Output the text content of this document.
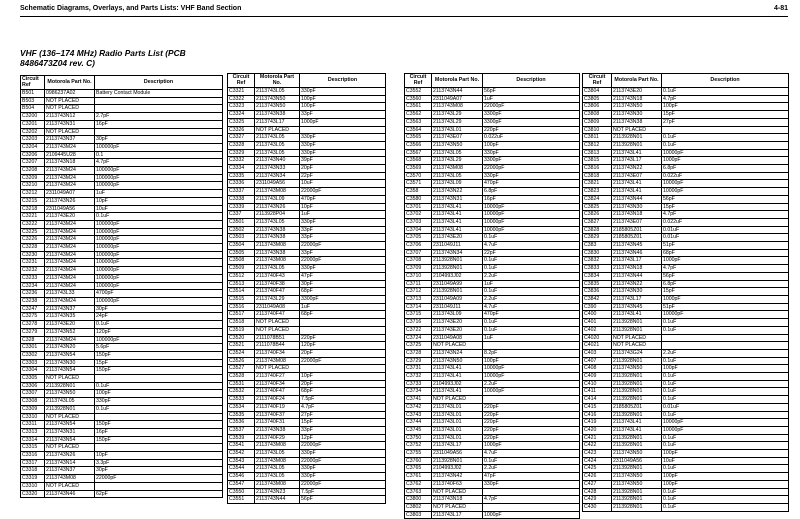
Schematic Diagrams, Overlays, and Parts Lists: VHF Band Section	4-81
VHF (136–174 MHz) Radio Parts List (PCB 8486473Z04 rev. C)
Circuit Ref	Motorola Part No.	Description
B501	0986237A02	Battery Contact Module
B503	NOT PLACED	
B504	NOT PLACED	
C3200	2113743N12	2.7pF
C3201	2113743N31	16pF
C3202	NOT PLACED	
C3203	2113743N37	30pF
C3204	2113743M24	100000pF
C3206	2109445U28	0.1
C3207	2113743N18	4.7pF
C3208	2113743M24	100000pF
C3209	2113743M24	100000pF
C3210	2113743M24	100000pF
C3212	2311049A07	1uF
C3215	2113743N26	10pF
C3218	2311049A56	10uF
C3221	2113743E20	0.1uF
C3222	2113743M24	100000pF
C3225	2113743M24	100000pF
C3226	2113743M24	100000pF
C3228	2113743M24	100000pF
C3230	2113743M24	100000pF
C3231	2113743M24	100000pF
C3232	2113743M24	100000pF
C3233	2113743M24	100000pF
C3234	2113743M24	100000pF
C3236	2113743L33	4700pF
C3238	2113743M24	100000pF
C3247	2113743N37	30pF
C3275	2113743N35	24pF
C3278	2113743E20	0.1uF
C3279	2113743N52	120pF
C328	2113743M24	100000pF
C3301	2113743N20	5.6pF
C3302	2113743N54	150pF
C3303	2113743N30	15pF
C3304	2113743N54	150pF
C3305	NOT PLACED	
C3306	2113928N01	0.1uF
C3307	2113743N50	100pF
C3308	2113743L05	330pF
C3309	2113928N01	0.1uF
C3310	NOT PLACED	
C3311	2113743N54	150pF
C3313	2113743N31	16pF
C3314	2113743N54	150pF
C3315	NOT PLACED	
C3316	2113743N26	10pF
C3317	2113743N14	3.3pF
C3318	2113743N37	30pF
C3319	2113743M08	22000pF
C3310	NOT PLACED	
C3320	2113743N46	62pF
Circuit Ref	Motorola Part No.	Description
C3321	2113743L05	330pF
C3322	2113743N50	100pF
C3323	2113743N50	100pF
C3324	2113743N38	33pF
C3325	2113743L17	1000pF
C3326	NOT PLACED	
C3327	2113743L05	330pF
C3328	2113743L05	330pF
C3329	2113743L05	330pF
C3332	2113743N40	39pF
C3334	2113743N33	20pF
C3335	2113743N34	22pF
C3336	2311049A56	10uF
C3337	2113743M08	22000pF
C3338	2113743L09	470pF
C3339	2113743N26	10pF
C337	2113928P04	1uF
C3501	2113743L05	330pF
C3502	2113743N38	33pF
C3503	2113743N38	33pF
C3504	2113743M08	22000pF
C3505	2113743N38	33pF
C3508	2113743M08	22000pF
C3509	2113743L05	330pF
C3512	2113740F43	47pF
C3513	2113740F38	30pF
C3514	2113740F47	68pF
C3515	2113743L29	3300pF
C3516	2311049A08	1uF
C3517	2113740F47	68pF
C3518	NOT PLACED	
C3519	NOT PLACED	
C3520	2111078B51	220pF
C3521	2111078B44	120pF
C3524	2113740F34	20pF
C3526	2113743M08	22000pF
C3527	NOT PLACED	
C3528	2113740F27	10pF
C3531	2113740F34	20pF
C3532	2113740F47	68pF
C3533	2113740F24	7.5pF
C3534	2113740F19	4.7pF
C3535	2113740F37	27pF
C3536	2113740F31	15pF
C3537	2113743N38	33pF
C3539	2113740F29	12pF
C3541	2113743M08	22000pF
C3542	2113743L05	330pF
C3543	2113743M08	22000pF
C3544	2113743L05	330pF
C3546	2113743L05	330pF
C3547	2113743M08	22000pF
C3550	2113743N23	7.5pF
C3551	2113743N44	56pF
Circuit Ref	Motorola Part No.	Description
C3552	2113743N44	56pF
C3560	2311049A07	1uF
C3561	2113743M08	22000pF
C3562	2113743L29	3300pF
C3563	2113743L29	3300pF
C3564	2113743L01	220pF
C3565	2113743E07	0.022uF
C3566	2113743N50	100pF
C3567	2113743L05	330pF
C3568	2113743L29	3300pF
C3569	2113743M08	22000pF
C3570	2113743L05	330pF
C3571	2113743L09	470pF
C358	2113743N22	6.8pF
C3580	2113743N31	16pF
C3701	2113743L41	10000pF
C3702	2113743L41	10000pF
C3703	2113743L41	10000pF
C3704	2113743L41	10000pF
C3705	2113743E20	0.1uF
C3706	2311049J11	4.7uF
C3707	2113743N34	22pF
C3708	2113928N01	0.1uF
C3709	2113928N01	0.1uF
C3710	2104993J02	2.2uF
C3711	2311049A99	1uF
C3712	2113928N01	0.1uF
C3713	2311049A09	2.2uF
C3714	2311049J11	4.7uF
C3715	2113743L09	470pF
C3716	2113743E20	0.1uF
C3722	2113743E20	0.1uF
C3724	2311049A08	1uF
C3725	NOT PLACED	
C3728	2113743N24	8.2pF
C3729	2113743N50	100pF
C3731	2113743L41	10000pF
C3732	2113743L41	10000pF
C3733	2104993J02	2.2uF
C3734	2113743L41	10000pF
C3741	NOT PLACED	
C3742	2113743L01	220pF
C3743	2113743L01	220pF
C3744	2113743L01	220pF
C3745	2113743L01	220pF
C3750	2113743L01	220pF
C3752	2113743L17	1000pF
C3755	2311049A56	4.7uF
C3760	2113928N01	0.1uF
C3765	2104993J02	2.2uF
C3761	2113743N42	47pF
C3762	2113740F63	330pF
C3763	NOT PLACED	
C3800	2113743N18	4.7pF
C3802	NOT PLACED	
C3803	2113743L17	1000pF
Circuit Ref	Motorola Part No.	Description
C3804	2113743E20	0.1uF
C3805	2113743N18	4.7pF
C3806	2113743N50	100pF
C3808	2113743N30	15pF
C3809	2113743N38	27pF
C3810	NOT PLACED	
C3811	2113928N01	0.1uF
C3812	2113928N01	0.1uF
C3813	2113743L41	10000pF
C3815	2113743L17	1000pF
C3816	2113743N22	6.8pF
C3818	2113743E07	0.022uF
C3821	2113743L41	10000pF
C3823	2113743L41	10000pF
C3824	2113743N44	56pF
C3825	2113743N30	15pF
C3826	2113743N18	4.7pF
C3827	2113743E07	0.022uF
C3828	2185805Z01	0.01uF
C3829	2185805Z01	0.01uF
C383	2113743N45	51pF
C3830	2113743N46	68pF
C3832	2113743L17	1000pF
C3833	2113743N18	4.7pF
C3834	2113743N44	56pF
C3835	2113743N22	6.8pF
C3836	2113743N30	15pF
C3842	2113743L17	1000pF
C390	2113743N45	51pF
C400	2113743L41	10000pF
C401	2113928N01	0.1uF
C402	2113928N01	0.1uF
C4020	NOT PLACED	
C4021	NOT PLACED	
C403	2113743G24	2.2uF
C407	2113928N01	0.1uF
C408	2113743N50	100pF
C409	2113928N01	0.1uF
C410	2113928N01	0.1uF
C411	2113928N01	0.1uF
C414	2113928N01	0.1uF
C415	2185805Z01	0.01uF
C416	2113928N01	0.1uF
C419	2113743L41	10000pF
C420	2113743L41	10000pF
C421	2113928N01	0.1uF
C422	2113928N01	0.1uF
C423	2113743N50	100pF
C424	2311049A56	10uF
C425	2113928N01	0.1uF
C426	2113743N50	100pF
C427	2113743N50	100pF
C428	2113928N01	0.1uF
C429	2113928N01	0.1uF
C430	2113928N01	0.1uF
